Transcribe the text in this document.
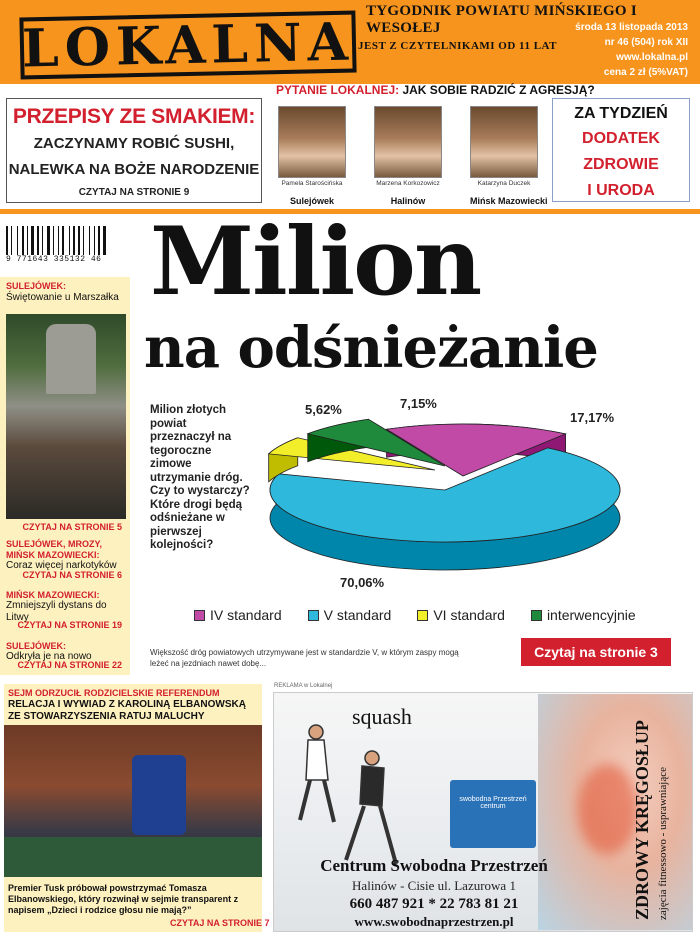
TYGODNIK POWIATU MIŃSKIEGO I WESOŁEJ
LOKALNA JEST Z CZYTELNIKAMI OD 11 LAT
środa 13 listopada 2013
nr 46 (504) rok XII
www.lokalna.pl
cena 2 zł (5%VAT)
PRZEPISY ZE SMAKIEM:
ZACZYNAMY ROBIĆ SUSHI,
NALEWKA NA BOŻE NARODZENIE
CZYTAJ NA STRONIE 9
PYTANIE LOKALNEJ: JAK SOBIE RADZIĆ Z AGRESJĄ?
Pamela Starościńska
Sulejówek
Marzena Korkozowicz
Halinów
Katarzyna Duczek
Mińsk Mazowiecki
ZA TYDZIEŃ
DODATEK
ZDROWIE
I URODA
9 771643 335132 46
SULEJÓWEK:
Świętowanie u Marszałka
CZYTAJ NA STRONIE 5
SULEJÓWEK, MROZY, MIŃSK MAZOWIECKI:
Coraz więcej narkotyków
CZYTAJ NA STRONIE 6
MIŃSK MAZOWIECKI:
Zmniejszyli dystans do Litwy
CZYTAJ NA STRONIE 19
SULEJÓWEK:
Odkryła je na nowo
CZYTAJ NA STRONIE 22
Milion
na odśnieżanie
Milion złotych powiat przeznaczył na tegoroczne zimowe utrzymanie dróg. Czy to wystarczy? Które drogi będą odśnieżane w pierwszej kolejności?
17,17%
70,06%
5,62%	7,15%
IV standard	V standard	VI standard	interwencyjnie
Większość dróg powiatowych utrzymywane jest w standardzie V, w którym zaspy mogą leżeć na jezdniach nawet dobę...
Czytaj na stronie 3
SEJM ODRZUCIŁ RODZICIELSKIE REFERENDUM
RELACJA I WYWIAD Z KAROLINĄ ELBANOWSKĄ ZE STOWARZYSZENIA RATUJ MALUCHY
Premier Tusk próbował powstrzymać Tomasza Elbanowskiego, który rozwinął w sejmie transparent z napisem „Dzieci i rodzice głosu nie mają?”
CZYTAJ NA STRONIE 7
REKLAMA w Lokalnej
squash
swobodna Przestrzeń
centrum	ZDROWY KRĘGOSŁUP zajęcia fitnessowo - usprawniające
Centrum Swobodna Przestrzeń
Halinów - Cisie ul. Lazurowa 1
660 487 921 * 22 783 81 21
www.swobodnaprzestrzen.pl
